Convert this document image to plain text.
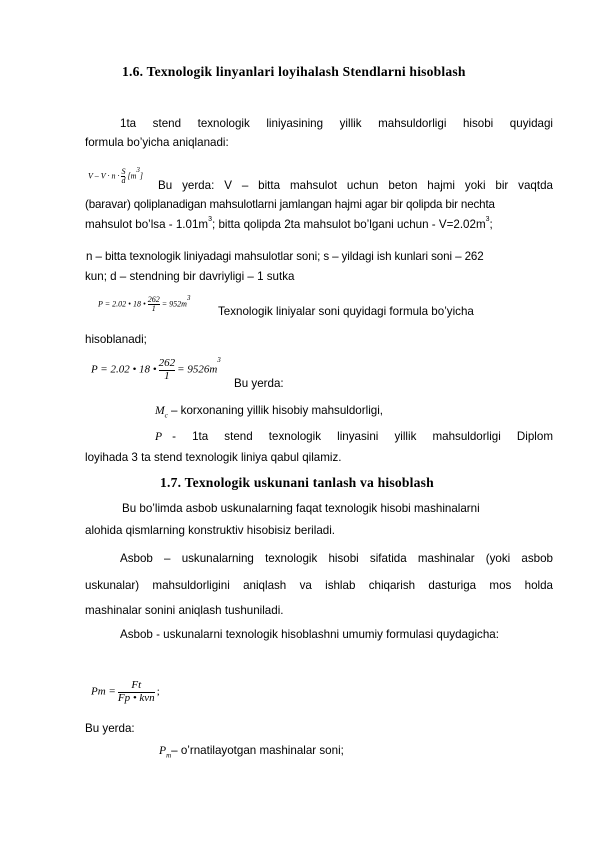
1.6. Texnologik linyanlari loyihalash Stendlarni hisoblash
1ta stend texnologik liniyasining yillik mahsuldorligi hisobi quyidagi
formula bo’yicha aniqlanadi:
$V - V \cdot n \cdot \frac{S}{d} [m^3]$
Bu yerda: V – bitta mahsulot uchun beton hajmi yoki bir vaqtda
(baravar) qoliplanadigan mahsulotlarni jamlangan hajmi agar bir qolipda bir nechta
mahsulot bo’lsa - $1.01m^3$; bitta qolipda 2ta mahsulot bo’lgani uchun - $V=2.02m^3$;
n – bitta texnologik liniyadagi mahsulotlar soni; s – yildagi ish kunlari soni – 262
kun; d – stendning bir davriyligi – 1 sutka
P = 2.02 • 18 • $\frac{262}{1} = 952m^3$
Texnologik liniyalar soni quyidagi formula bo’yicha
hisoblanadi;
P = 2.02 • 18 • $\frac{262}{1} = 9526m^3$
Bu yerda:
$M_c$ – korxonaning yillik hisobiy mahsuldorligi,
P - 1ta stend texnologik linyasini yillik mahsuldorligi Diplom
loyihada 3 ta stend texnologik liniya qabul qilamiz.
1.7. Texnologik uskunani tanlash va hisoblash
Bu bo’limda asbob uskunalarning faqat texnologik hisobi mashinalarni
alohida qismlarning konstruktiv hisobisiz beriladi.
Asbob – uskunalarning texnologik hisobi sifatida mashinalar (yoki asbob
uskunalar) mahsuldorligini aniqlash va ishlab chiqarish dasturiga mos holda
mashinalar sonini aniqlash tushuniladi.
Asbob - uskunalarni texnologik hisoblashni umumiy formulasi quydagicha:
$Pm = \frac{Ft}{\text{Fp • kvn}}$ ;
Bu yerda:
$P_m-$ o’rnatilayotgan mashinalar soni;
